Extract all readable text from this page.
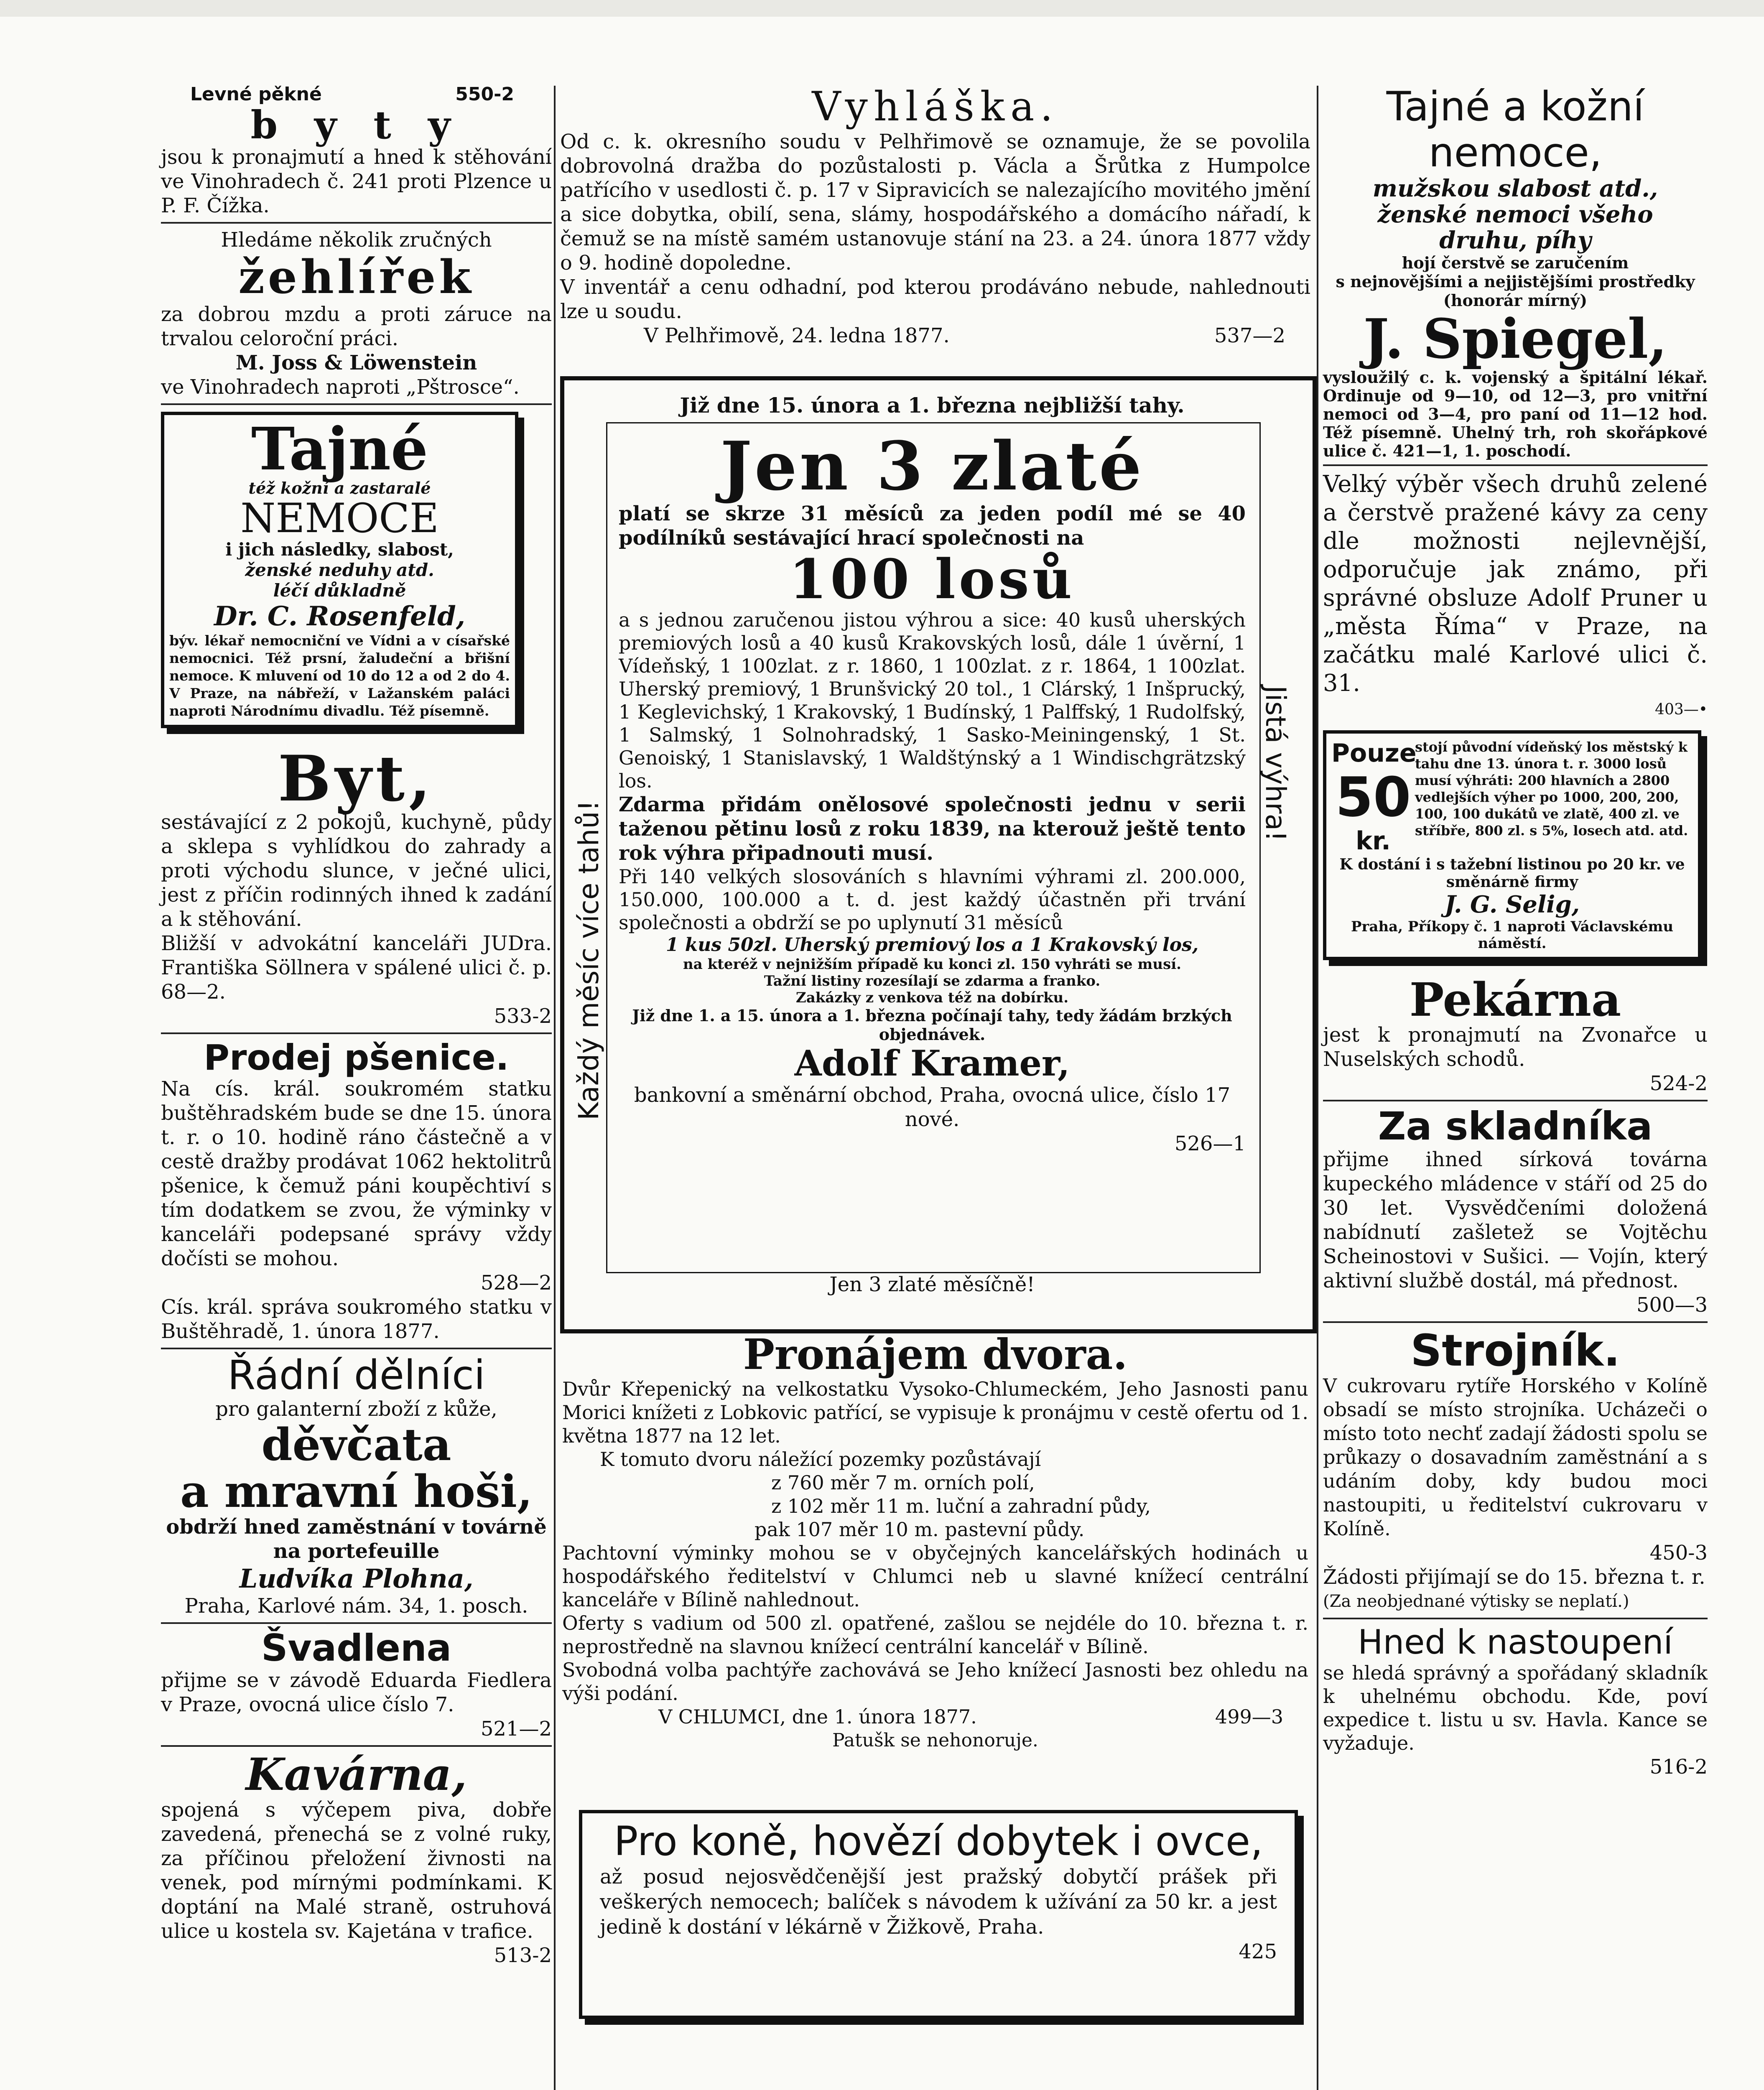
Levné pěkné	550-2
b y t y
jsou k pronajmutí a hned k stěhování ve Vinohradech č. 241 proti Plzence u P. F. Čížka.
Hledáme několik zručných
žehlířek
za dobrou mzdu a proti záruce na trvalou celoroční práci.
M. Joss & Löwenstein
ve Vinohradech naproti „Pštrosce“.
Tajné
též kožní a zastaralé
NEMOCE
i jich následky, slabost,
ženské neduhy atd.
léčí důkladně
Dr. C. Rosenfeld,
býv. lékař nemocniční ve Vídni a v císařské nemocnici. Též prsní, žaludeční a břišní nemoce. K mluvení od 10 do 12 a od 2 do 4. V Praze, na nábřeží, v Lažanském paláci naproti Národnímu divadlu. Též písemně.
Byt,
sestávající z 2 pokojů, kuchyně, půdy a sklepa s vyhlídkou do zahrady a proti východu slunce, v ječné ulici, jest z příčin rodinných ihned k zadání a k stěhování.
Bližší v advokátní kanceláři JUDra. Františka Söllnera v spálené ulici č. p. 68—2.
533-2
Prodej pšenice.
Na cís. král. soukromém statku buštěhradském bude se dne 15. února t. r. o 10. hodině ráno částečně a v cestě dražby prodávat 1062 hektolitrů pšenice, k čemuž páni koupěchtiví s tím dodatkem se zvou, že výminky v kanceláři podepsané správy vždy dočísti se mohou.
528—2
Cís. král. správa soukromého statku v Buštěhradě, 1. února 1877.
Řádní dělníci
pro galanterní zboží z kůže,
děvčata
a mravní hoši,
obdrží hned zaměstnání v továrně na portefeuille
Ludvíka Plohna,
Praha, Karlové nám. 34, 1. posch.
Švadlena
přijme se v závodě Eduarda Fiedlera v Praze, ovocná ulice číslo 7.
521—2
Kavárna,
spojená s výčepem piva, dobře zavedená, přenechá se z volné ruky, za příčinou přeložení živnosti na venek, pod mírnými podmínkami. K doptání na Malé straně, ostruhová ulice u kostela sv. Kajetána v trafice.
513-2
Vyhláška.
Od c. k. okresního soudu v Pelhřimově se oznamuje, že se povolila dobrovolná dražba do pozůstalosti p. Václa a Šrůtka z Humpolce patřícího v usedlosti č. p. 17 v Sipravicích se nalezajícího movitého jmění a sice dobytka, obilí, sena, slámy, hospodářského a domácího nářadí, k čemuž se na místě samém ustanovuje stání na 23. a 24. února 1877 vždy o 9. hodině dopoledne.
V inventář a cenu odhadní, pod kterou prodáváno nebude, nahlednouti lze u soudu.
V Pelhřimově, 24. ledna 1877.	537—2
Již dne 15. února a 1. března nejbližší tahy.
Každý měsíc více tahů!
Jistá výhra!
Jen 3 zlaté
platí se skrze 31 měsíců za jeden podíl mé se 40 podílníků sestávající hrací společnosti na
100 losů
a s jednou zaručenou jistou výhrou a sice: 40 kusů uherských premiových losů a 40 kusů Krakovských losů, dále 1 úvěrní, 1 Vídeňský, 1 100zlat. z r. 1860, 1 100zlat. z r. 1864, 1 100zlat. Uherský premiový, 1 Brunšvický 20 tol., 1 Clárský, 1 Inšprucký, 1 Keglevichský, 1 Krakovský, 1 Budínský, 1 Palffský, 1 Rudolfský, 1 Salmský, 1 Solnohradský, 1 Sasko-Meiningenský, 1 St. Genoiský, 1 Stanislavský, 1 Waldštýnský a 1 Windischgrätzský los.
Zdarma přidám onělosové společnosti jednu v serii taženou pětinu losů z roku 1839, na kterouž ještě tento rok výhra připadnouti musí.
Při 140 velkých slosováních s hlavními výhrami zl. 200.000, 150.000, 100.000 a t. d. jest každý účastněn při trvání společnosti a obdrží se po uplynutí 31 měsíců
1 kus 50zl. Uherský premiový los a 1 Krakovský los,
na kteréž v nejnižším případě ku konci zl. 150 vyhráti se musí.
Tažní listiny rozesílají se zdarma a franko.
Zakázky z venkova též na dobírku.
Již dne 1. a 15. února a 1. března počínají tahy, tedy žádám brzkých objednávek.
Adolf Kramer,
bankovní a směnární obchod, Praha, ovocná ulice, číslo 17 nové.
526—1
Jen 3 zlaté měsíčně!
Pronájem dvora.
Dvůr Křepenický na velkostatku Vysoko-Chlumeckém, Jeho Jasnosti panu Morici knížeti z Lobkovic patřící, se vypisuje k pronájmu v cestě ofertu od 1. května 1877 na 12 let.
K tomuto dvoru náležící pozemky pozůstávají
z 760 měr 7 m. orních polí,
z 102 měr 11 m. luční a zahradní půdy,
pak 107 měr 10 m. pastevní půdy.
Pachtovní výminky mohou se v obyčejných kancelářských hodinách u hospodářského ředitelství v Chlumci neb u slavné knížecí centrální kanceláře v Bílině nahlednout.
Oferty s vadium od 500 zl. opatřené, zašlou se nejdéle do 10. března t. r. neprostředně na slavnou knížecí centrální kancelář v Bílině.
Svobodná volba pachtýře zachovává se Jeho knížecí Jasnosti bez ohledu na výši podání.
V CHLUMCI, dne 1. února 1877.	499—3
Patušk se nehonoruje.
Pro koně, hovězí dobytek i ovce,
až posud nejosvědčenější jest pražský dobytčí prášek při veškerých nemocech; balíček s návodem k užívání za 50 kr. a jest jedině k dostání v lékárně v Žižkově, Praha.
425
Tajné a kožní nemoce,
mužskou slabost atd.,
ženské nemoci všeho
druhu, píhy
hojí čerstvě se zaručením
s nejnovějšími a nejjistějšími prostředky
(honorár mírný)
J. Spiegel,
vysloužilý c. k. vojenský a špitální lékař. Ordinuje od 9—10, od 12—3, pro vnitřní nemoci od 3—4, pro paní od 11—12 hod. Též písemně. Uhelný trh, roh skořápkové ulice č. 421—1, 1. poschodí.
Velký výběr všech druhů zelené a čerstvě pražené kávy za ceny dle možnosti nejlevnější, odporučuje jak známo, při správné obsluze Adolf Pruner u „města Říma“ v Praze, na začátku malé Karlové ulici č. 31.
403—•
Pouze
50
kr.
stojí původní vídeňský los městský k tahu dne 13. února t. r. 3000 losů musí výhráti: 200 hlavních a 2800 vedlejších výher po 1000, 200, 200, 100, 100 dukátů ve zlatě, 400 zl. ve stříbře, 800 zl. s 5%, losech atd. atd.
K dostání i s tažební listinou po 20 kr. ve směnárně firmy
J. G. Selig,
Praha, Příkopy č. 1 naproti Václavskému náměstí.
Pekárna
jest k pronajmutí na Zvonařce u Nuselských schodů.
524-2
Za skladníka
přijme ihned sírková továrna kupeckého mládence v stáří od 25 do 30 let. Vysvědčeními doložená nabídnutí zašletež se Vojtěchu Scheinostovi v Sušici. — Vojín, který aktivní službě dostál, má přednost.
500—3
Strojník.
V cukrovaru rytíře Horského v Kolíně obsadí se místo strojníka. Ucházeči o místo toto nechť zadají žádosti spolu se průkazy o dosavadním zaměstnání a s udáním doby, kdy budou moci nastoupiti, u ředitelství cukrovaru v Kolíně.
450-3
Žádosti přijímají se do 15. března t. r.
(Za neobjednané výtisky se neplatí.)
Hned k nastoupení
se hledá správný a spořádaný skladník k uhelnému obchodu. Kde, poví expedice t. listu u sv. Havla. Kance se vyžaduje.
516-2
